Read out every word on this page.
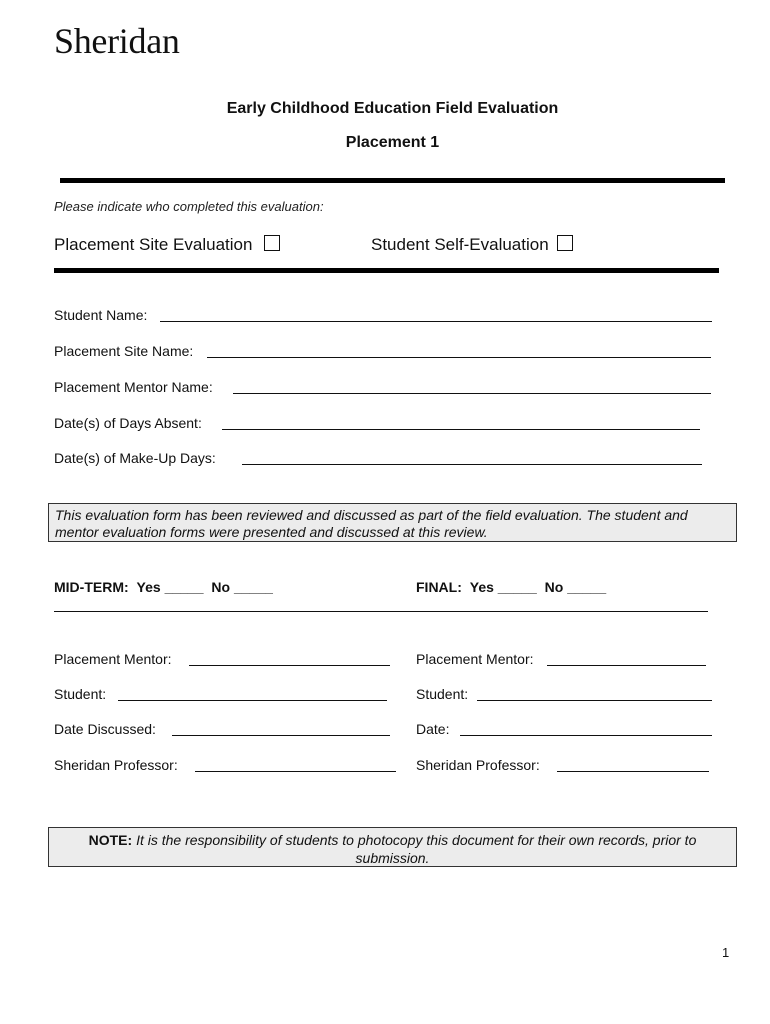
Sheridan
Early Childhood Education Field Evaluation
Placement 1
Please indicate who completed this evaluation:
Placement Site Evaluation	Student Self-Evaluation
Student Name:
Placement Site Name:
Placement Mentor Name:
Date(s) of Days Absent:
Date(s) of Make-Up Days:
This evaluation form has been reviewed and discussed as part of the field evaluation. The student and mentor evaluation forms were presented and discussed at this review.
MID-TERM: Yes _____ No _____	FINAL: Yes _____ No _____
Placement Mentor:
Student:
Date Discussed:
Sheridan Professor:
Placement Mentor:
Student:
Date:
Sheridan Professor:
NOTE: It is the responsibility of students to photocopy this document for their own records, prior to submission.
1
